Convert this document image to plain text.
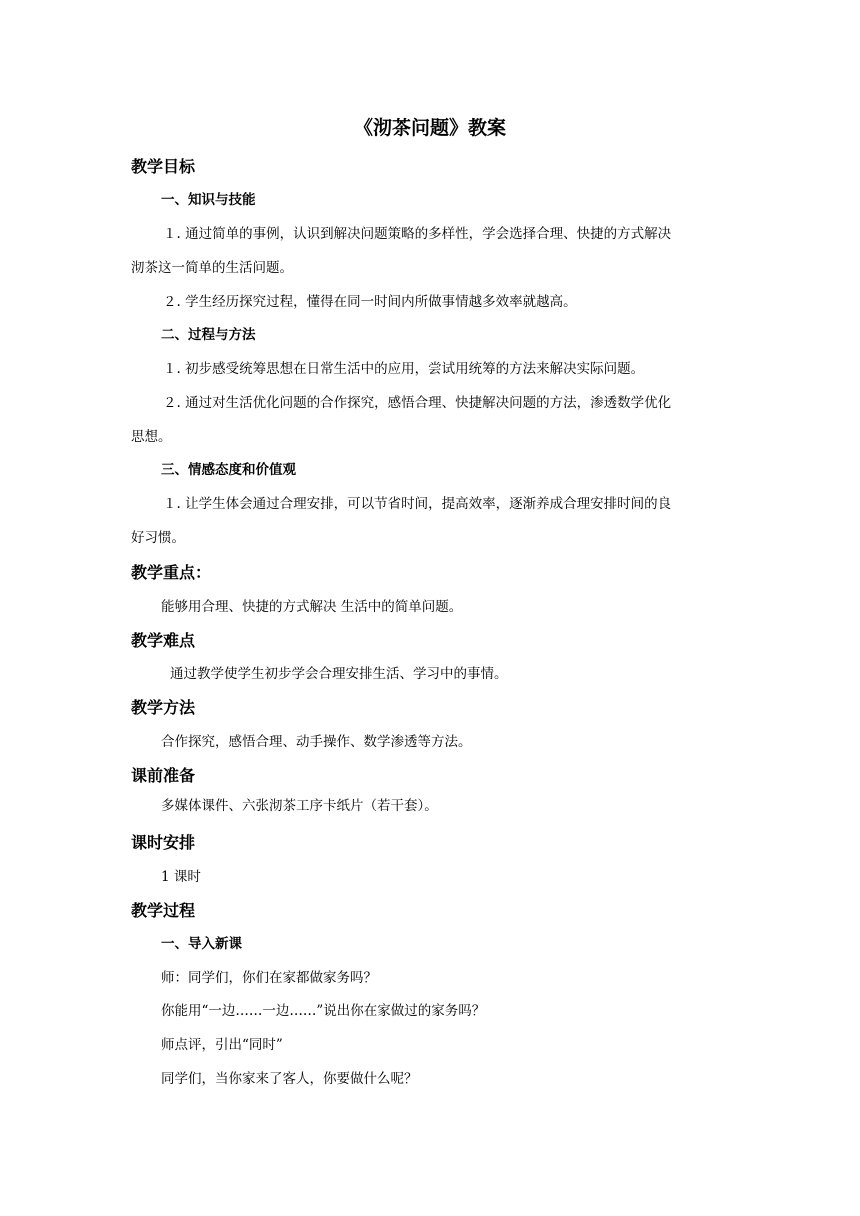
《沏茶问题》教案
教学目标
一、知识与技能
１. 通过简单的事例，认识到解决问题策略的多样性，学会选择合理、快捷的方式解决
沏茶这一简单的生活问题。
２. 学生经历探究过程，懂得在同一时间内所做事情越多效率就越高。
二、过程与方法
１. 初步感受统筹思想在日常生活中的应用，尝试用统筹的方法来解决实际问题。
２. 通过对生活优化问题的合作探究，感悟合理、快捷解决问题的方法，渗透数学优化
思想。
三、情感态度和价值观
１. 让学生体会通过合理安排，可以节省时间，提高效率，逐渐养成合理安排时间的良
好习惯。
教学重点：
能够用合理、快捷的方式解决 生活中的简单问题。
教学难点
通过教学使学生初步学会合理安排生活、学习中的事情。
教学方法
合作探究，感悟合理、动手操作、数学渗透等方法。
课前准备
多媒体课件、六张沏茶工序卡纸片（若干套）。
课时安排
1 课时
教学过程
一、导入新课
师：同学们，你们在家都做家务吗？
你能用“一边……一边……”说出你在家做过的家务吗？
师点评，引出“同时”
同学们，当你家来了客人，你要做什么呢？
